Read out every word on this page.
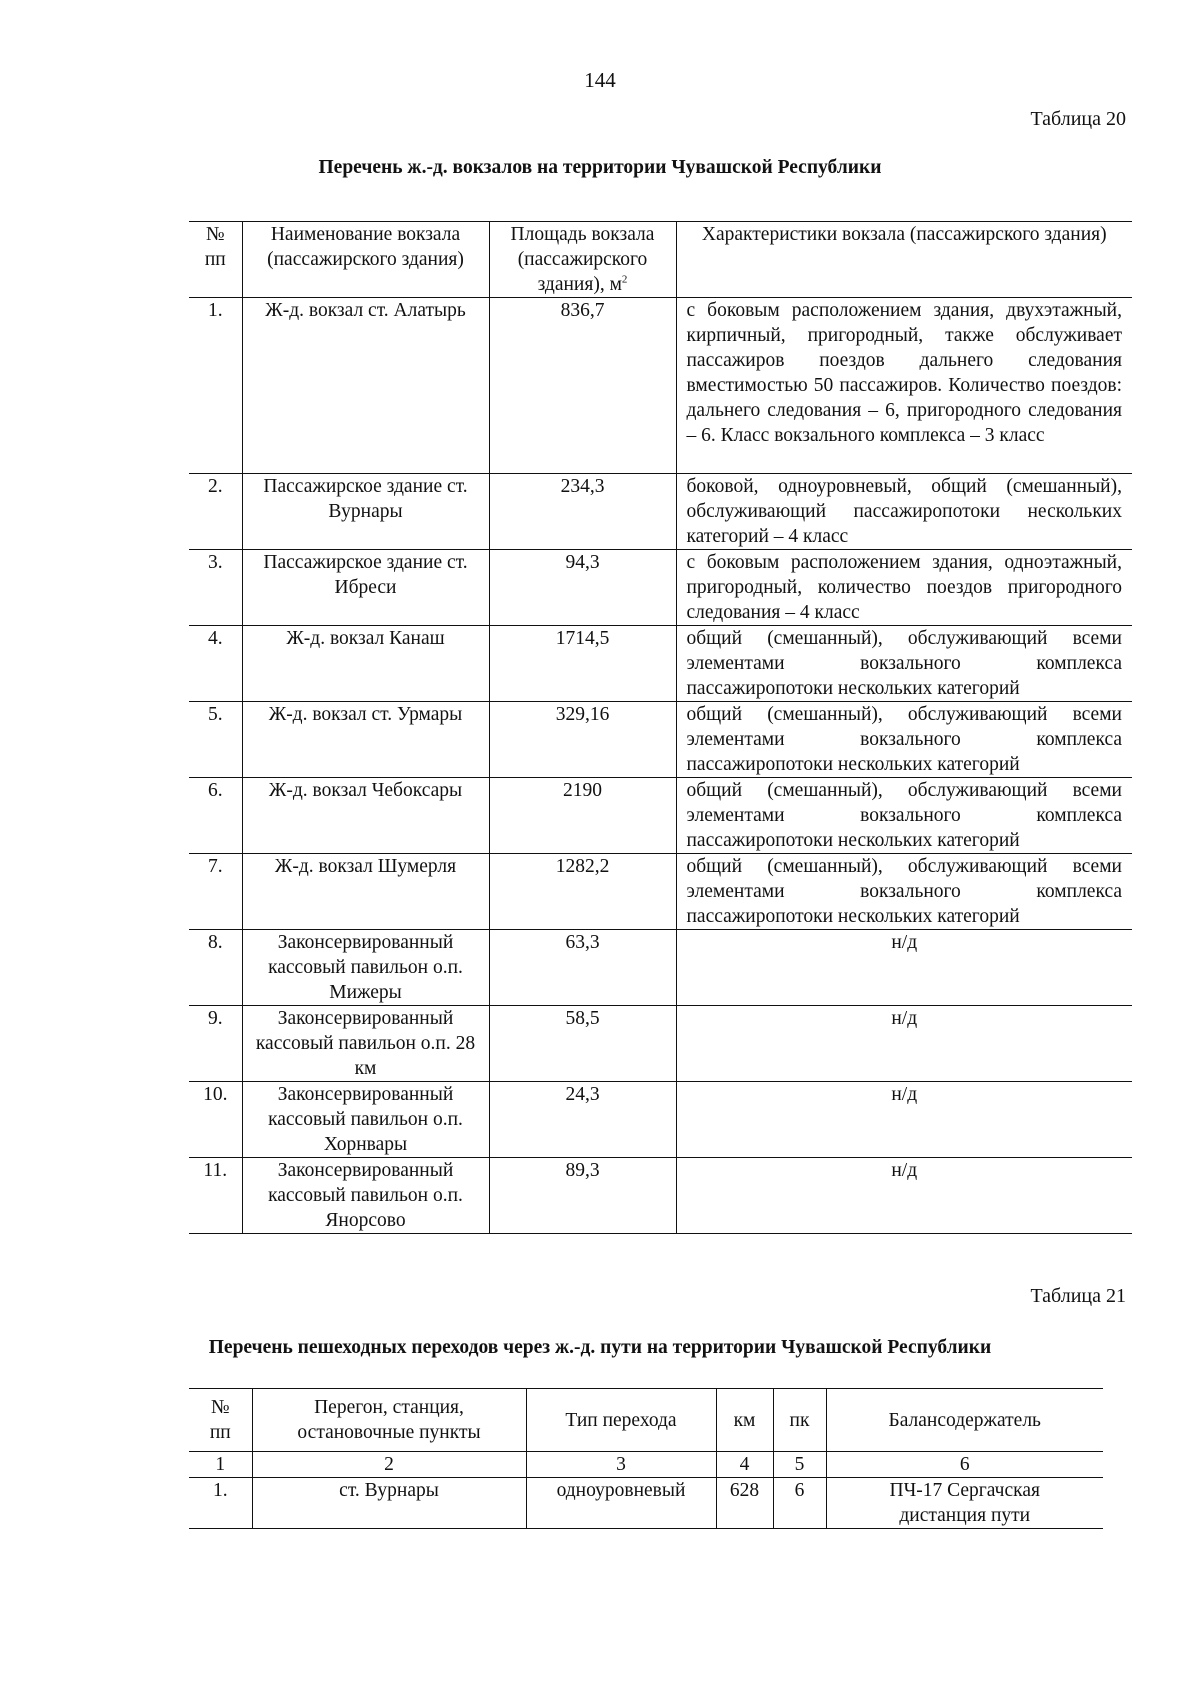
144
Таблица 20
Перечень ж.-д. вокзалов на территории Чувашской Республики
№ пп	Наименование вокзала (пассажирского здания)	Площадь вокзала (пассажирского здания), $м^2$	Характеристики вокзала (пассажирского здания)
1.	Ж-д. вокзал ст. Алатырь	836,7	с боковым расположением здания, двухэтажный, кирпичный, пригородный, также обслуживает пассажиров поездов дальнего следования вместимостью 50 пассажиров. Количество поездов: дальнего следования – 6, пригородного следования – 6. Класс вокзального комплекса – 3 класс
2.	Пассажирское здание ст. Вурнары	234,3	боковой, одноуровневый, общий (смешанный), обслуживающий пассажиропотоки нескольких категорий – 4 класс
3.	Пассажирское здание ст. Ибреси	94,3	с боковым расположением здания, одноэтажный, пригородный, количество поездов пригородного следования – 4 класс
4.	Ж-д. вокзал Канаш	1714,5	общий (смешанный), обслуживающий всеми элементами вокзального комплекса пассажиропотоки нескольких категорий
5.	Ж-д. вокзал ст. Урмары	329,16	общий (смешанный), обслуживающий всеми элементами вокзального комплекса пассажиропотоки нескольких категорий
6.	Ж-д. вокзал Чебоксары	2190	общий (смешанный), обслуживающий всеми элементами вокзального комплекса пассажиропотоки нескольких категорий
7.	Ж-д. вокзал Шумерля	1282,2	общий (смешанный), обслуживающий всеми элементами вокзального комплекса пассажиропотоки нескольких категорий
8.	Законсервированный кассовый павильон о.п. Мижеры	63,3	н/д
9.	Законсервированный кассовый павильон о.п. 28 км	58,5	н/д
10.	Законсервированный кассовый павильон о.п. Хорнвары	24,3	н/д
11.	Законсервированный кассовый павильон о.п. Янорсово	89,3	н/д
Таблица 21
Перечень пешеходных переходов через ж.-д. пути на территории Чувашской Республики
№ пп	Перегон, станция, остановочные пункты	Тип перехода	км	пк	Балансодержатель
1	2	3	4	5	6
1.	ст. Вурнары	одноуровневый	628	6	ПЧ-17 Сергачская дистанция пути
